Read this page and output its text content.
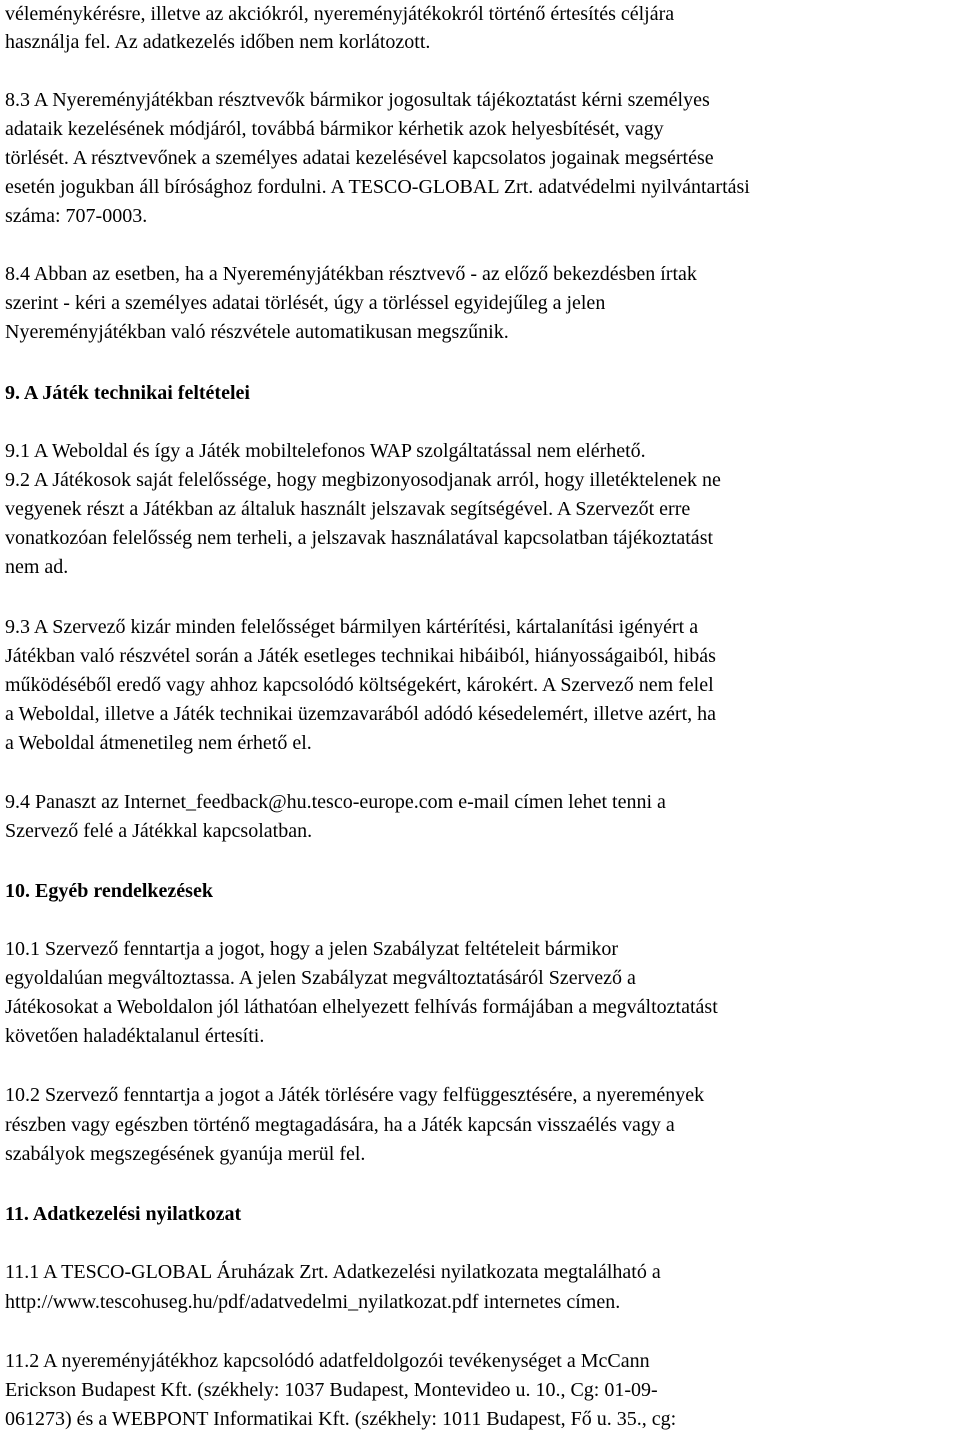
véleménykérésre, illetve az akciókról, nyereményjátékokról történő értesítés céljára
használja fel. Az adatkezelés időben nem korlátozott.
8.3 A Nyereményjátékban résztvevők bármikor jogosultak tájékoztatást kérni személyes
adataik kezelésének módjáról, továbbá bármikor kérhetik azok helyesbítését, vagy
törlését. A résztvevőnek a személyes adatai kezelésével kapcsolatos jogainak megsértése
esetén jogukban áll bírósághoz fordulni. A TESCO-GLOBAL Zrt. adatvédelmi nyilvántartási
száma: 707-0003.
8.4 Abban az esetben, ha a Nyereményjátékban résztvevő - az előző bekezdésben írtak
szerint - kéri a személyes adatai törlését, úgy a törléssel egyidejűleg a jelen
Nyereményjátékban való részvétele automatikusan megszűnik.
9. A Játék technikai feltételei
9.1 A Weboldal és így a Játék mobiltelefonos WAP szolgáltatással nem elérhető.
9.2 A Játékosok saját felelőssége, hogy megbizonyosodjanak arról, hogy illetéktelenek ne
vegyenek részt a Játékban az általuk használt jelszavak segítségével. A Szervezőt erre
vonatkozóan felelősség nem terheli, a jelszavak használatával kapcsolatban tájékoztatást
nem ad.
9.3 A Szervező kizár minden felelősséget bármilyen kártérítési, kártalanítási igényért a
Játékban való részvétel során a Játék esetleges technikai hibáiból, hiányosságaiból, hibás
működéséből eredő vagy ahhoz kapcsolódó költségekért, károkért. A Szervező nem felel
a Weboldal, illetve a Játék technikai üzemzavarából adódó késedelemért, illetve azért, ha
a Weboldal átmenetileg nem érhető el.
9.4 Panaszt az Internet_feedback@hu.tesco-europe.com e-mail címen lehet tenni a
Szervező felé a Játékkal kapcsolatban.
10. Egyéb rendelkezések
10.1 Szervező fenntartja a jogot, hogy a jelen Szabályzat feltételeit bármikor
egyoldalúan megváltoztassa. A jelen Szabályzat megváltoztatásáról Szervező a
Játékosokat a Weboldalon jól láthatóan elhelyezett felhívás formájában a megváltoztatást
követően haladéktalanul értesíti.
10.2 Szervező fenntartja a jogot a Játék törlésére vagy felfüggesztésére, a nyeremények
részben vagy egészben történő megtagadására, ha a Játék kapcsán visszaélés vagy a
szabályok megszegésének gyanúja merül fel.
11. Adatkezelési nyilatkozat
11.1 A TESCO-GLOBAL Áruházak Zrt. Adatkezelési nyilatkozata megtalálható a
http://www.tescohuseg.hu/pdf/adatvedelmi_nyilatkozat.pdf internetes címen.
11.2 A nyereményjátékhoz kapcsolódó adatfeldolgozói tevékenységet a McCann
Erickson Budapest Kft. (székhely: 1037 Budapest, Montevideo u. 10., Cg: 01-09-
061273) és a WEBPONT Informatikai Kft. (székhely: 1011 Budapest, Fő u. 35., cg:
